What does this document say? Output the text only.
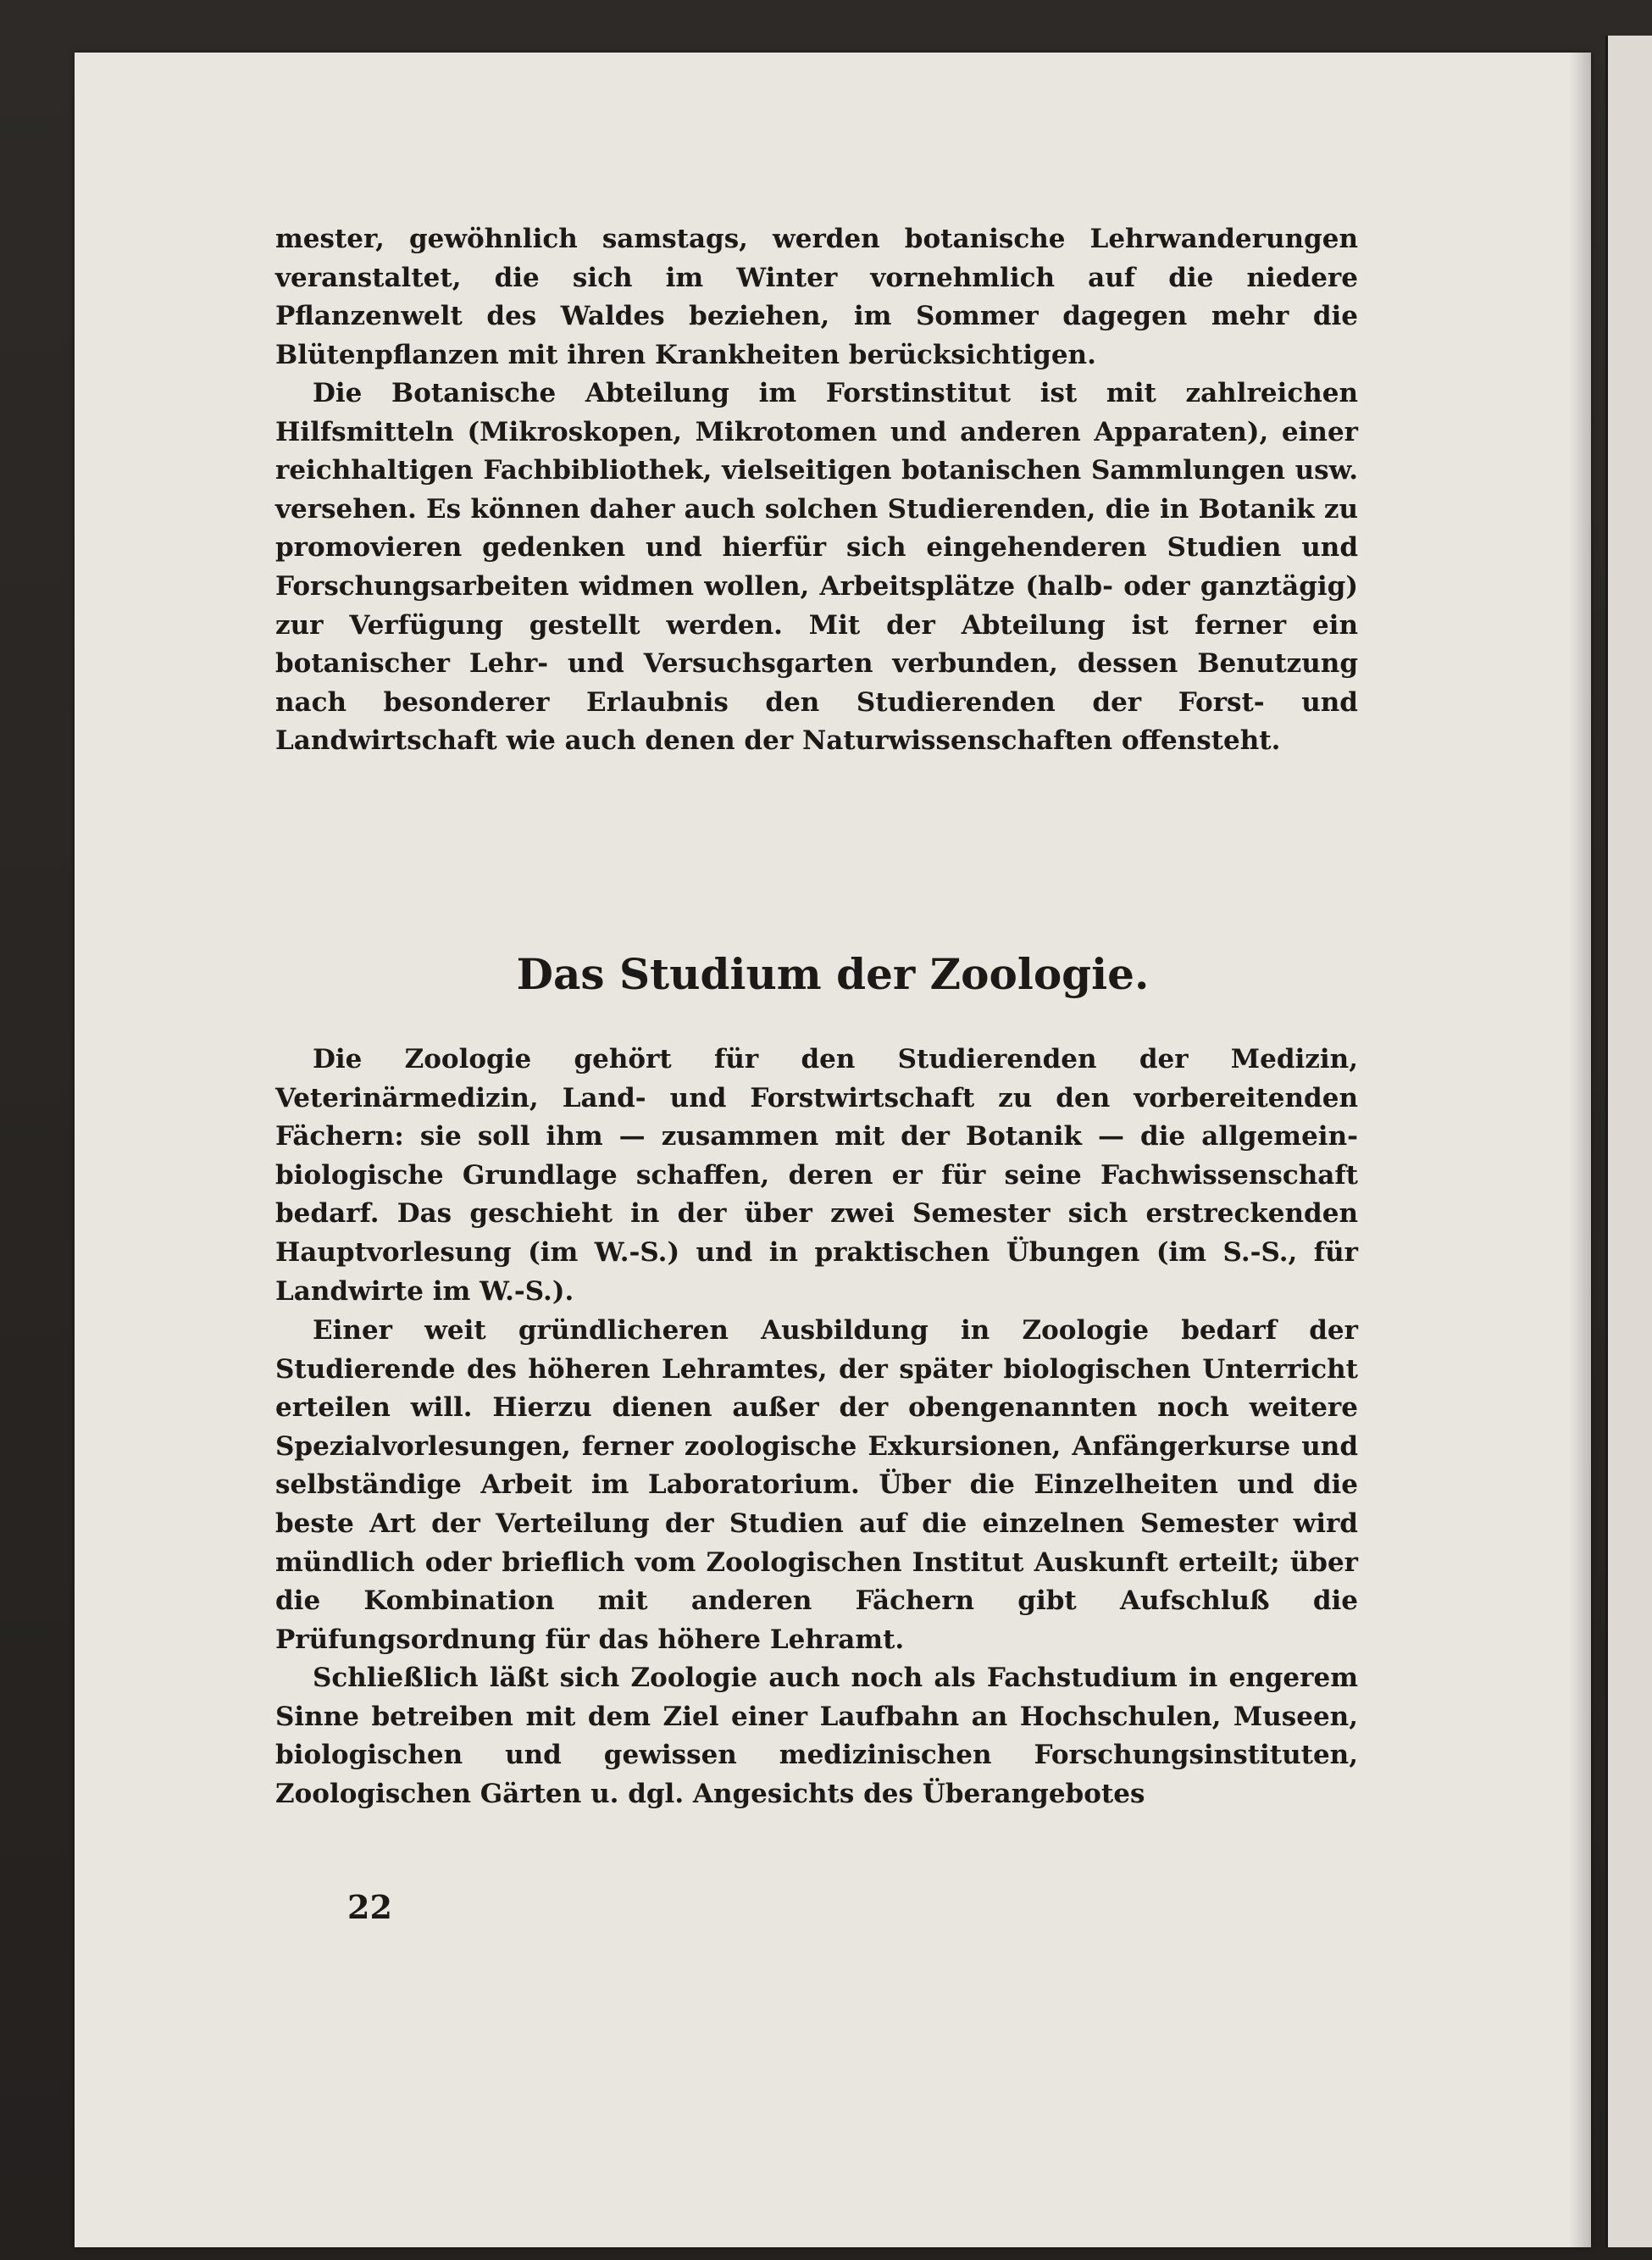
mester, gewöhnlich samstags, werden botanische Lehrwanderungen veranstaltet, die sich im Winter vornehmlich auf die niedere Pflanzenwelt des Waldes beziehen, im Sommer dagegen mehr die Blütenpflanzen mit ihren Krankheiten berücksichtigen.

Die Botanische Abteilung im Forstinstitut ist mit zahlreichen Hilfsmitteln (Mikroskopen, Mikrotomen und anderen Apparaten), einer reichhaltigen Fachbibliothek, vielseitigen botanischen Sammlungen usw. versehen. Es können daher auch solchen Studierenden, die in Botanik zu promovieren gedenken und hierfür sich eingehenderen Studien und Forschungsarbeiten widmen wollen, Arbeitsplätze (halb- oder ganztägig) zur Verfügung gestellt werden. Mit der Abteilung ist ferner ein botanischer Lehr- und Versuchsgarten verbunden, dessen Benutzung nach besonderer Erlaubnis den Studierenden der Forst- und Landwirtschaft wie auch denen der Naturwissenschaften offensteht.

Das Studium der Zoologie.

Die Zoologie gehört für den Studierenden der Medizin, Veterinärmedizin, Land- und Forstwirtschaft zu den vorbereitenden Fächern: sie soll ihm — zusammen mit der Botanik — die allgemein-biologische Grundlage schaffen, deren er für seine Fachwissenschaft bedarf. Das geschieht in der über zwei Semester sich erstreckenden Hauptvorlesung (im W.-S.) und in praktischen Übungen (im S.-S., für Landwirte im W.-S.).

Einer weit gründlicheren Ausbildung in Zoologie bedarf der Studierende des höheren Lehramtes, der später biologischen Unterricht erteilen will. Hierzu dienen außer der obengenannten noch weitere Spezialvorlesungen, ferner zoologische Exkursionen, Anfängerkurse und selbständige Arbeit im Laboratorium. Über die Einzelheiten und die beste Art der Verteilung der Studien auf die einzelnen Semester wird mündlich oder brieflich vom Zoologischen Institut Auskunft erteilt; über die Kombination mit anderen Fächern gibt Aufschluß die Prüfungsordnung für das höhere Lehramt.

Schließlich läßt sich Zoologie auch noch als Fachstudium in engerem Sinne betreiben mit dem Ziel einer Laufbahn an Hochschulen, Museen, biologischen und gewissen medizinischen Forschungsinstituten, Zoologischen Gärten u. dgl. Angesichts des Überangebotes

22
